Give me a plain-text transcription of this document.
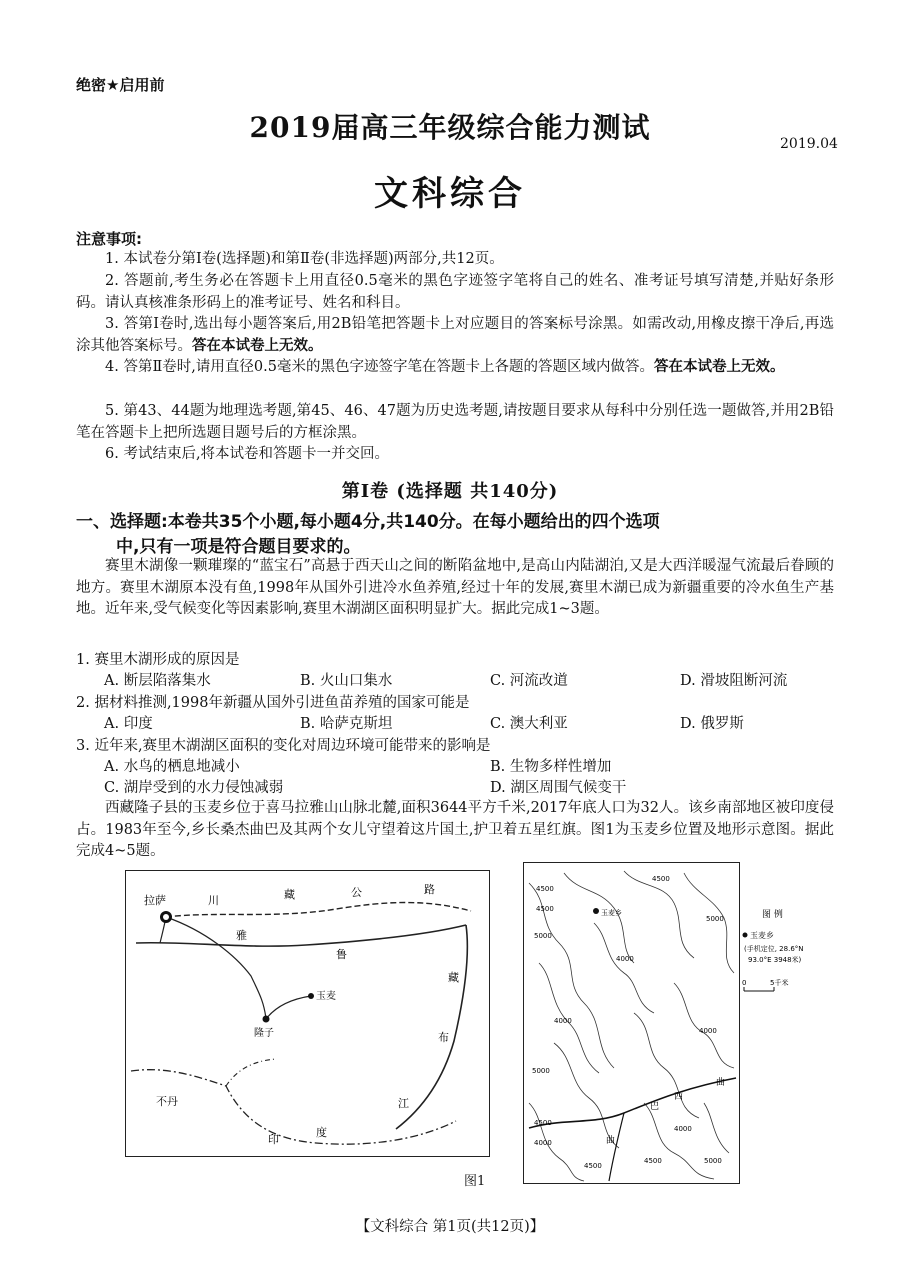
绝密★启用前
2019届高三年级综合能力测试	2019.04
文科综合
注意事项:
1. 本试卷分第Ⅰ卷(选择题)和第Ⅱ卷(非选择题)两部分,共12页。
2. 答题前,考生务必在答题卡上用直径0.5毫米的黑色字迹签字笔将自己的姓名、准考证号填写清楚,并贴好条形码。请认真核准条形码上的准考证号、姓名和科目。
3. 答第Ⅰ卷时,选出每小题答案后,用2B铅笔把答题卡上对应题目的答案标号涂黑。如需改动,用橡皮擦干净后,再选涂其他答案标号。答在本试卷上无效。
4. 答第Ⅱ卷时,请用直径0.5毫米的黑色字迹签字笔在答题卡上各题的答题区域内做答。答在本试卷上无效。
5. 第43、44题为地理选考题,第45、46、47题为历史选考题,请按题目要求从每科中分别任选一题做答,并用2B铅笔在答题卡上把所选题目题号后的方框涂黑。
6. 考试结束后,将本试卷和答题卡一并交回。
第Ⅰ卷 (选择题 共140分)
一、选择题:本卷共35个小题,每小题4分,共140分。在每小题给出的四个选项
中,只有一项是符合题目要求的。
赛里木湖像一颗璀璨的“蓝宝石”高悬于西天山之间的断陷盆地中,是高山内陆湖泊,又是大西洋暖湿气流最后眷顾的地方。赛里木湖原本没有鱼,1998年从国外引进冷水鱼养殖,经过十年的发展,赛里木湖已成为新疆重要的冷水鱼生产基地。近年来,受气候变化等因素影响,赛里木湖湖区面积明显扩大。据此完成1~3题。
1. 赛里木湖形成的原因是
A. 断层陷落集水	B. 火山口集水	C. 河流改道	D. 滑坡阻断河流
2. 据材料推测,1998年新疆从国外引进鱼苗养殖的国家可能是
A. 印度	B. 哈萨克斯坦	C. 澳大利亚	D. 俄罗斯
3. 近年来,赛里木湖湖区面积的变化对周边环境可能带来的影响是
A. 水鸟的栖息地减小	B. 生物多样性增加
C. 湖岸受到的水力侵蚀减弱	D. 湖区周围气候变干
西藏隆子县的玉麦乡位于喜马拉雅山山脉北麓,面积3644平方千米,2017年底人口为32人。该乡南部地区被印度侵占。1983年至今,乡长桑杰曲巴及其两个女儿守望着这片国土,护卫着五星红旗。图1为玉麦乡位置及地形示意图。据此完成4~5题。
拉萨	川	藏	公	路
雅
鲁
藏
布
江
玉麦
隆子
不丹
印
度
图1
玉麦乡
4500
4500
4500
5000
5000
4000
4000
4000
5000
4500
4000
4000
4500	5000
4500
巴
西
曲
曲
图 例
玉麦乡
(手机定位, 28.6°N
93.0°E 3948米)
0	5千米
【文科综合 第1页(共12页)】
